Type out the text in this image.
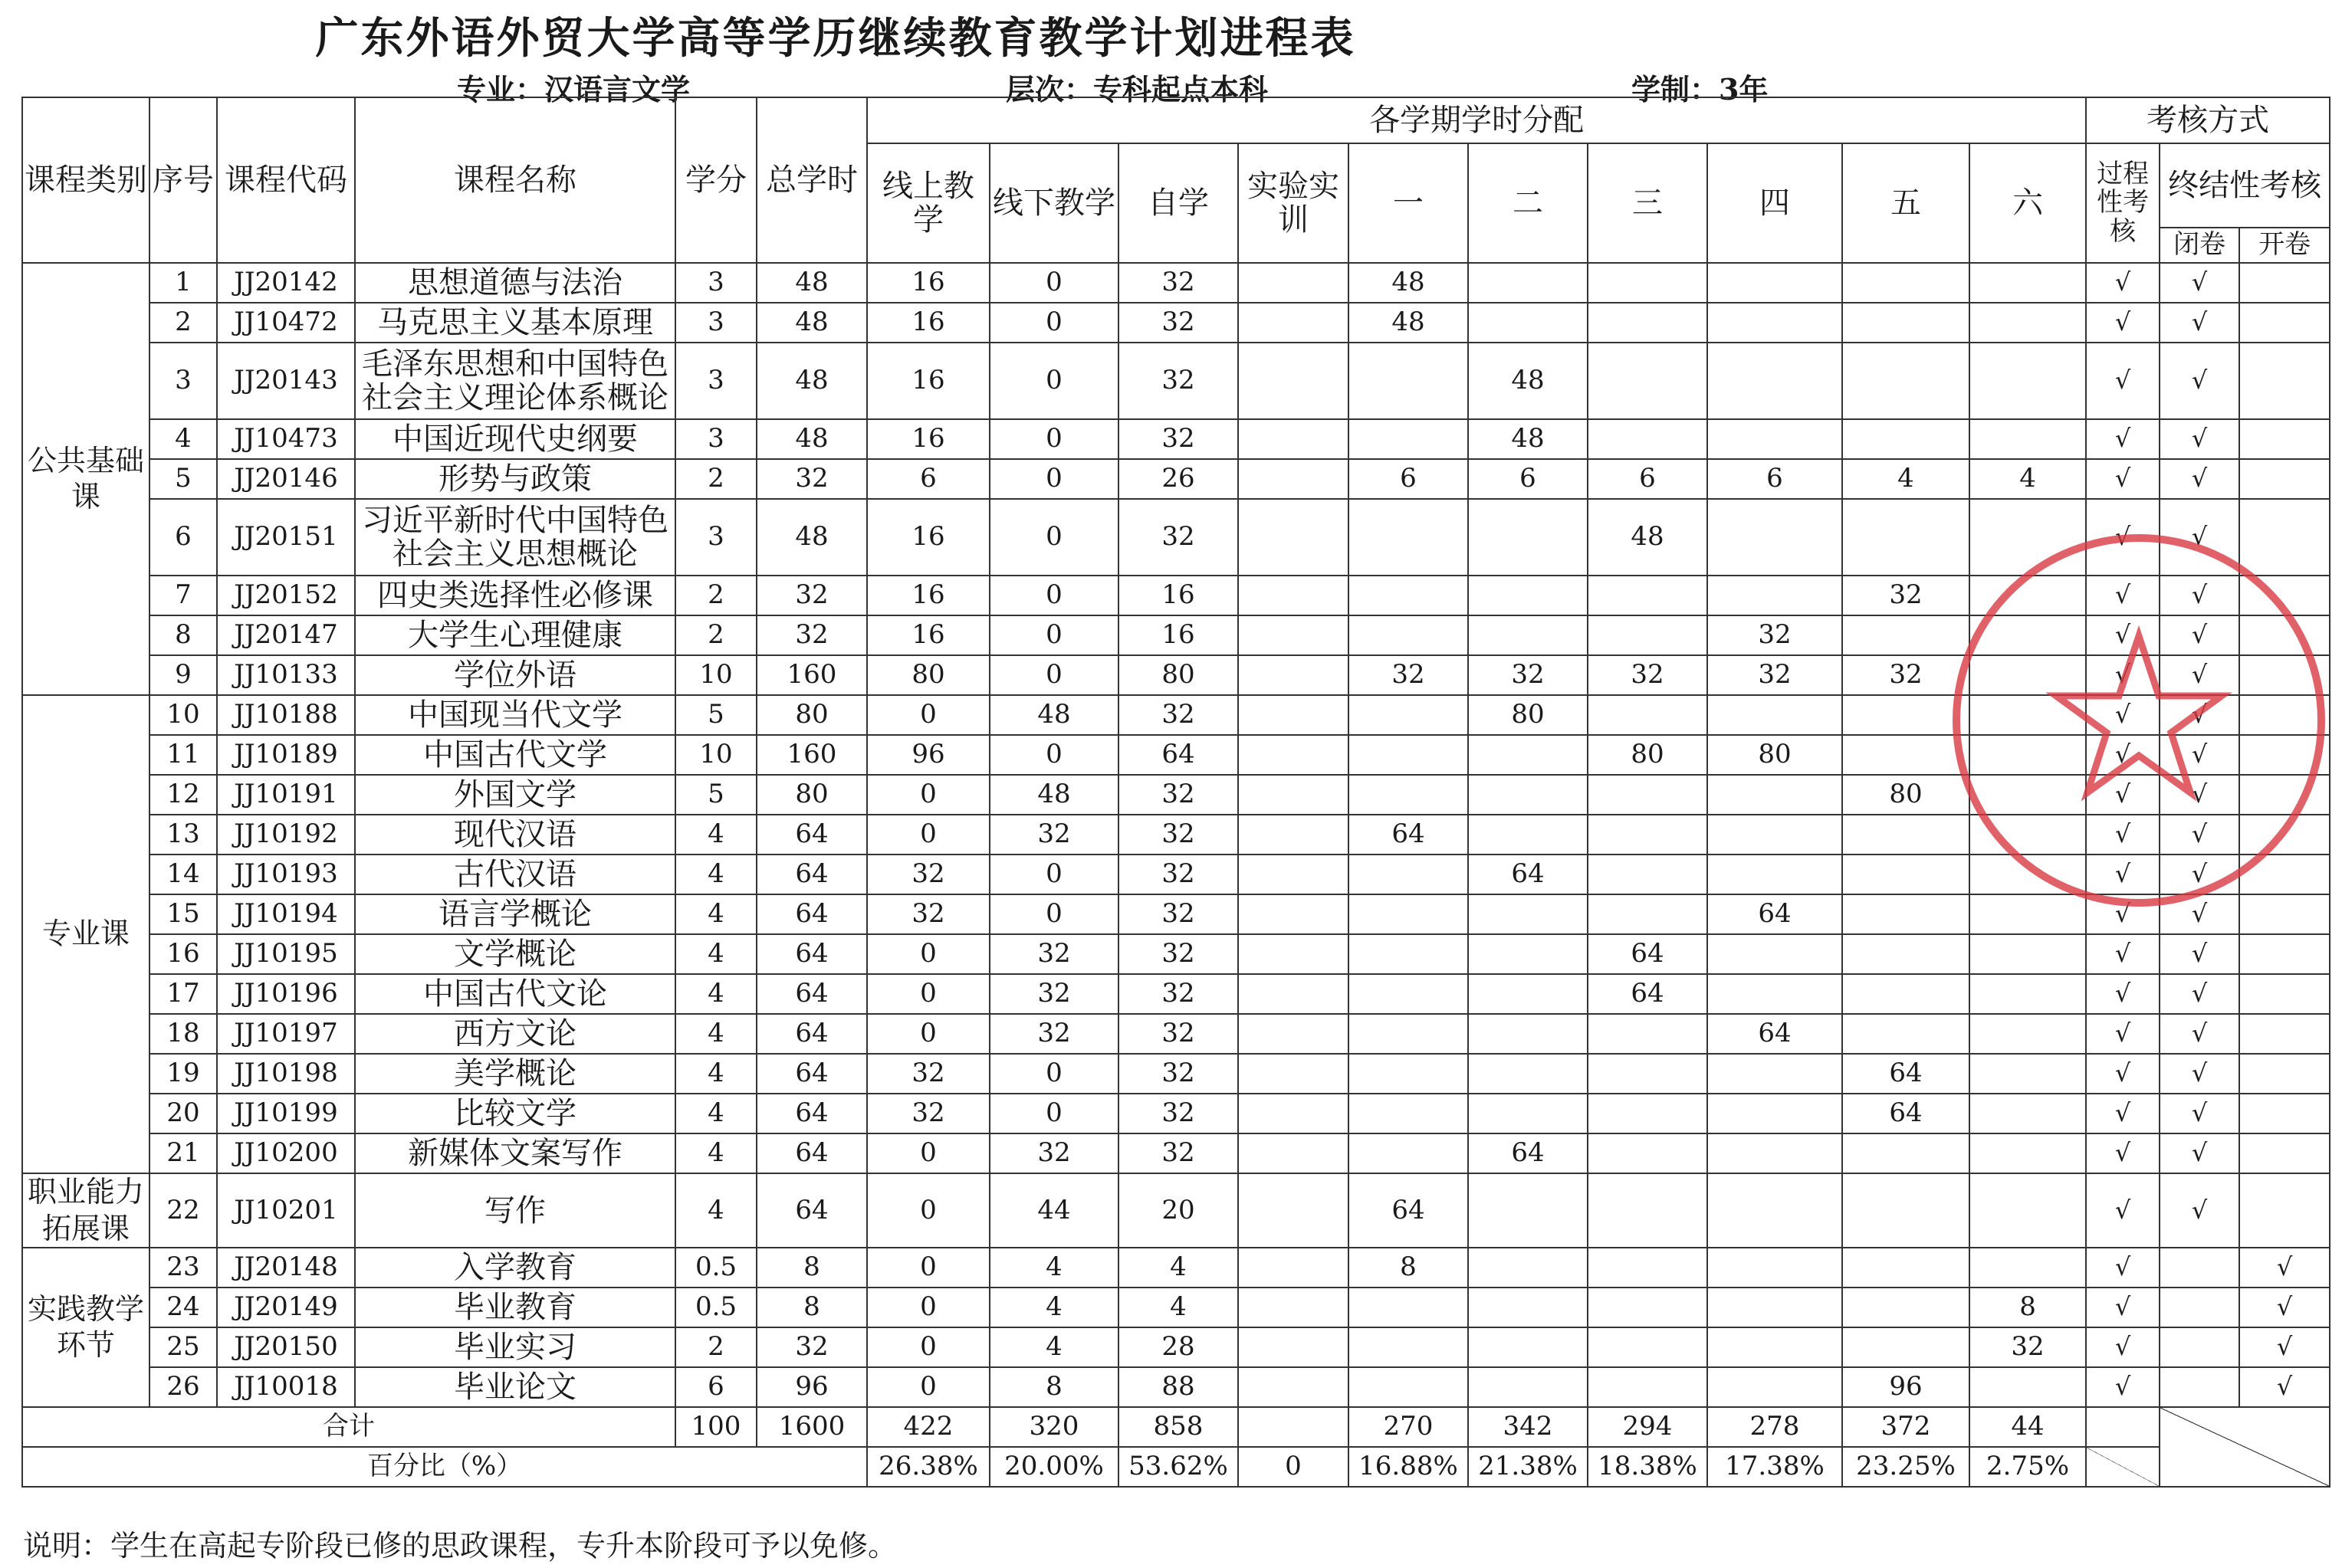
广东外语外贸大学高等学历继续教育教学计划进程表
专业：汉语言文学	层次：专科起点本科	学制：3年
课程类别	序号	课程代码	课程名称	学分	总学时	各学期学时分配										考核方式		
						线上教学	线下教学	自学	实验实训	一	二	三	四	五	六	过程性考核	终结性考核	
																	闭卷	开卷
公共基础课	1	JJ20142	思想道德与法治	3	48	16	0	32		48						√	√	
	2	JJ10472	马克思主义基本原理	3	48	16	0	32		48						√	√	
	3	JJ20143	毛泽东思想和中国特色社会主义理论体系概论	3	48	16	0	32			48					√	√	
	4	JJ10473	中国近现代史纲要	3	48	16	0	32			48					√	√	
	5	JJ20146	形势与政策	2	32	6	0	26		6	6	6	6	4	4	√	√	
	6	JJ20151	习近平新时代中国特色社会主义思想概论	3	48	16	0	32				48				√	√	
	7	JJ20152	四史类选择性必修课	2	32	16	0	16						32		√	√	
	8	JJ20147	大学生心理健康	2	32	16	0	16					32			√	√	
	9	JJ10133	学位外语	10	160	80	0	80		32	32	32	32	32		√	√	
专业课	10	JJ10188	中国现当代文学	5	80	0	48	32			80					√	√	
	11	JJ10189	中国古代文学	10	160	96	0	64				80	80			√	√	
	12	JJ10191	外国文学	5	80	0	48	32						80		√	√	
	13	JJ10192	现代汉语	4	64	0	32	32		64						√	√	
	14	JJ10193	古代汉语	4	64	32	0	32			64					√	√	
	15	JJ10194	语言学概论	4	64	32	0	32					64			√	√	
	16	JJ10195	文学概论	4	64	0	32	32				64				√	√	
	17	JJ10196	中国古代文论	4	64	0	32	32				64				√	√	
	18	JJ10197	西方文论	4	64	0	32	32					64			√	√	
	19	JJ10198	美学概论	4	64	32	0	32						64		√	√	
	20	JJ10199	比较文学	4	64	32	0	32						64		√	√	
	21	JJ10200	新媒体文案写作	4	64	0	32	32			64					√	√	
职业能力拓展课	22	JJ10201	写作	4	64	0	44	20		64						√	√	
实践教学环节	23	JJ20148	入学教育	0.5	8	0	4	4		8						√		√
	24	JJ20149	毕业教育	0.5	8	0	4	4							8	√		√
	25	JJ20150	毕业实习	2	32	0	4	28							32	√		√
	26	JJ10018	毕业论文	6	96	0	8	88						96		√		√
合计				100	1600	422	320	858		270	342	294	278	372	44			
百分比（%）						26.38%	20.00%	53.62%	0	16.88%	21.38%	18.38%	17.38%	23.25%	2.75%			
说明：学生在高起专阶段已修的思政课程，专升本阶段可予以免修。
